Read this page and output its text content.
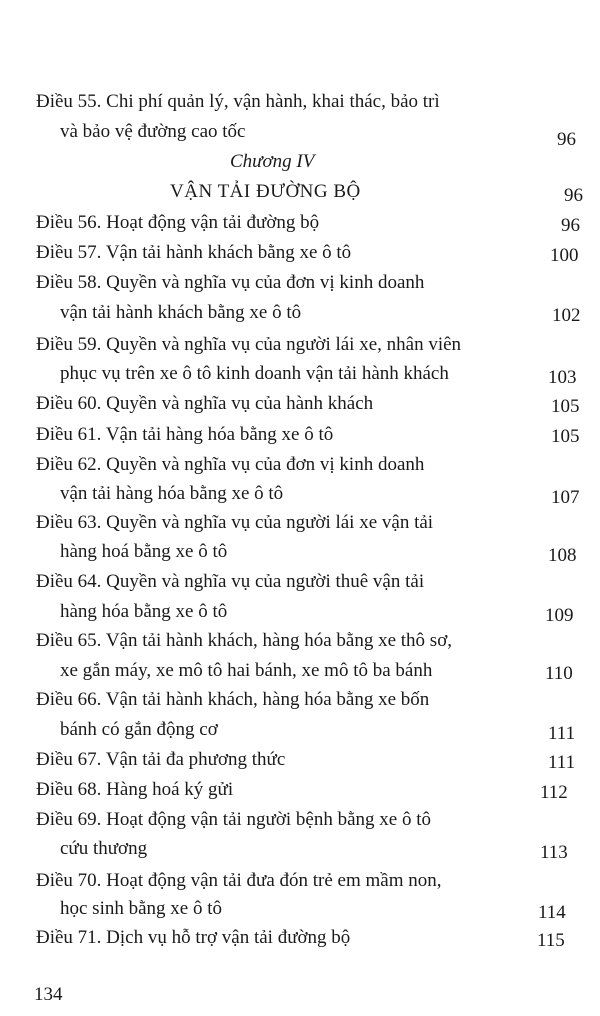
Điều 55. Chi phí quản lý, vận hành, khai thác, bảo trì
và bảo vệ đường cao tốc	96
Chương IV
VẬN TẢI ĐƯỜNG BỘ	96
Điều 56. Hoạt động vận tải đường bộ	96
Điều 57. Vận tải hành khách bằng xe ô tô	100
Điều 58. Quyền và nghĩa vụ của đơn vị kinh doanh
vận tải hành khách bằng xe ô tô	102
Điều 59. Quyền và nghĩa vụ của người lái xe, nhân viên
phục vụ trên xe ô tô kinh doanh vận tải hành khách	103
Điều 60. Quyền và nghĩa vụ của hành khách	105
Điều 61. Vận tải hàng hóa bằng xe ô tô	105
Điều 62. Quyền và nghĩa vụ của đơn vị kinh doanh
vận tải hàng hóa bằng xe ô tô	107
Điều 63. Quyền và nghĩa vụ của người lái xe vận tải
hàng hoá bằng xe ô tô	108
Điều 64. Quyền và nghĩa vụ của người thuê vận tải
hàng hóa bằng xe ô tô	109
Điều 65. Vận tải hành khách, hàng hóa bằng xe thô sơ,
xe gắn máy, xe mô tô hai bánh, xe mô tô ba bánh	110
Điều 66. Vận tải hành khách, hàng hóa bằng xe bốn
bánh có gắn động cơ	111
Điều 67. Vận tải đa phương thức	111
Điều 68. Hàng hoá ký gửi	112
Điều 69. Hoạt động vận tải người bệnh bằng xe ô tô
cứu thương	113
Điều 70. Hoạt động vận tải đưa đón trẻ em mầm non,
học sinh bằng xe ô tô	114
Điều 71. Dịch vụ hỗ trợ vận tải đường bộ	115
134
